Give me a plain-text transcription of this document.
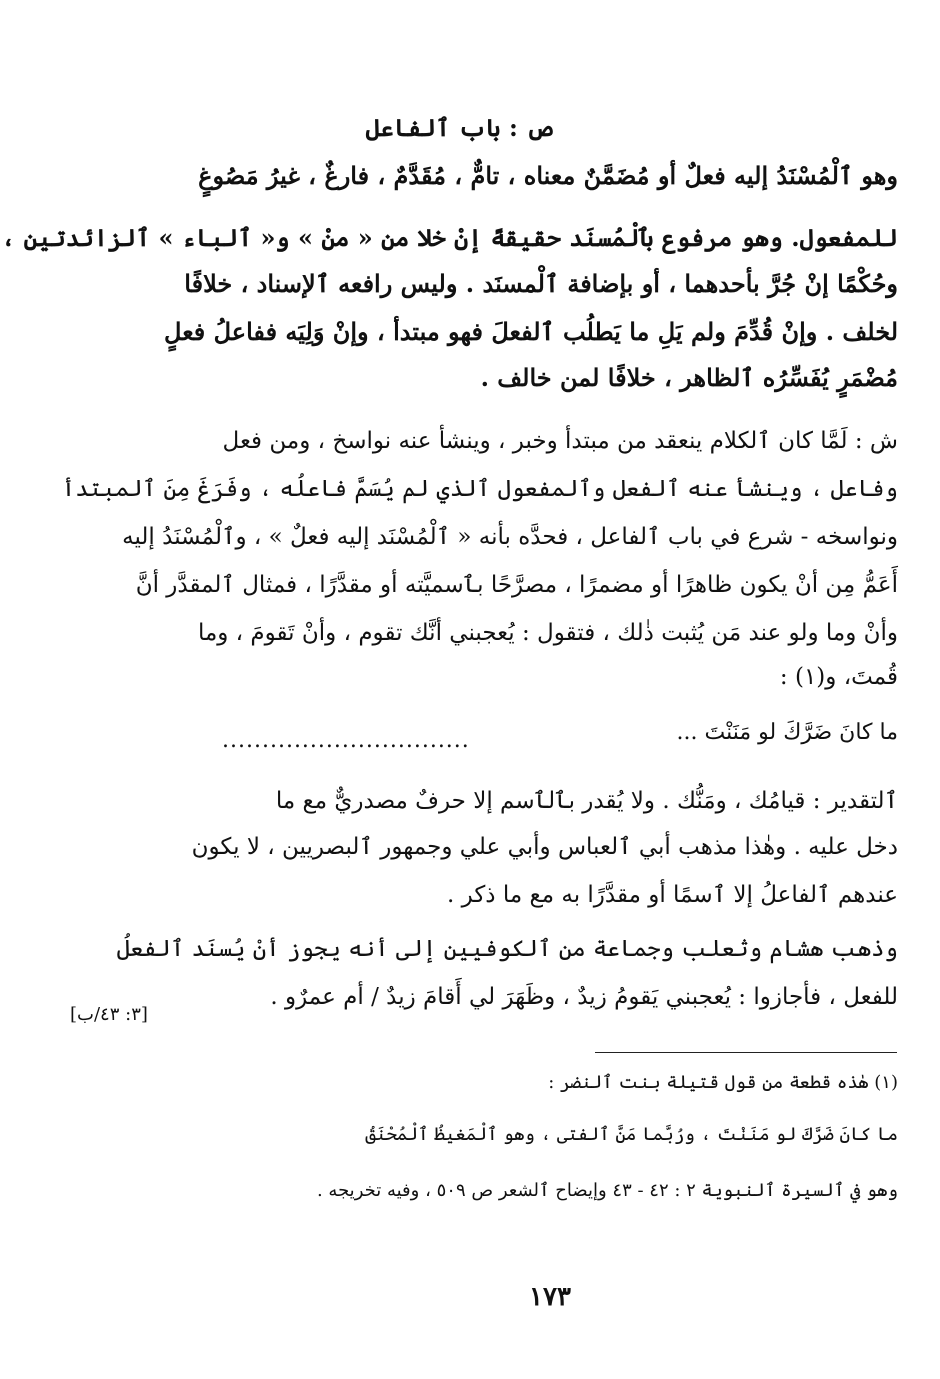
ص : باب ٱلفاعل
وهو ٱلْمُسْنَدُ إليه فعلٌ أو مُضَمَّنٌ معناه ، تامٌّ ، مُقَدَّمٌ ، فارغٌ ، غيرُ مَصُوغٍ
للمفعول. وهو مرفوع بٱلْمُسنَد حقيقةً إنْ خلا من « منْ » و« ٱلباء » ٱلزائدتين ،
وحُكْمًا إنْ جُرَّ بأحدهما ، أو بإضافة ٱلْمسنَد . وليس رافعه ٱلإسناد ، خلافًا
لخلف . وإنْ قُدِّمَ ولم يَلِ ما يَطلُب ٱلفعلَ فهو مبتدأ ، وإنْ وَلِيَه ففاعلُ فعلٍ
مُضْمَرٍ يُفَسِّرُه ٱلظاهر ، خلافًا لمن خالف .
ش : لَمَّا كان ٱلكلام ينعقد من مبتدأ وخبر ، وينشأ عنه نواسخ ، ومن فعل
وفاعل ، وينشأ عنه ٱلفعل وٱلمفعول ٱلذي لم يُسَمَّ فاعلُه ، وفَرَغَ مِنَ ٱلمبتدأ
ونواسخه - شرع في باب ٱلفاعل ، فحدَّه بأنه « ٱلْمُسْنَد إليه فعلٌ » ، وٱلْمُسْنَدُ إليه
أَعَمُّ مِن أنْ يكون ظاهرًا أو مضمرًا ، مصرَّحًا بٱسميَّته أو مقدَّرًا ، فمثال ٱلمقدَّر أنَّ
وأنْ وما ولو عند مَن يُثبت ذٰلك ، فتقول : يُعجبني أنَّك تقوم ، وأنْ تَقومَ ، وما
قُمتَ، و(١) :
ما كانَ ضَرَّكَ لو مَنَنْتَ ...
...............................
ٱلتقدير : قيامُك ، ومَنُّك . ولا يُقدر بٱلٱسم إلا حرفٌ مصدريٌّ مع ما
دخل عليه . وهٰذا مذهب أبي ٱلعباس وأبي علي وجمهور ٱلبصريين ، لا يكون
عندهم ٱلفاعلُ إلا ٱسمًا أو مقدَّرًا به مع ما ذكر .
وذهب هشام وثعلب وجماعة من ٱلكوفيين إلى أنه يجوز أنْ يُسنَد ٱلفعلُ
للفعل ، فأجازوا : يُعجبني يَقومُ زيدٌ ، وظَهَرَ لي أَقامَ زيدٌ / أم عمرٌو .
[٣: ٤٣/ب]
(١) هٰذه قطعة من قول قتيلة بنت ٱلنضر :
ما كانَ ضَرَّكَ لو مَنَنْتَ ، ورُبَّما مَنَّ ٱلفتى ، وهو ٱلْمَغيظُ ٱلْمُحْنَقُ
وهو في ٱلسيرة ٱلنبوية ٢ : ٤٢ - ٤٣ وإيضاح ٱلشعر ص ٥٠٩ ، وفيه تخريجه .
١٧٣
